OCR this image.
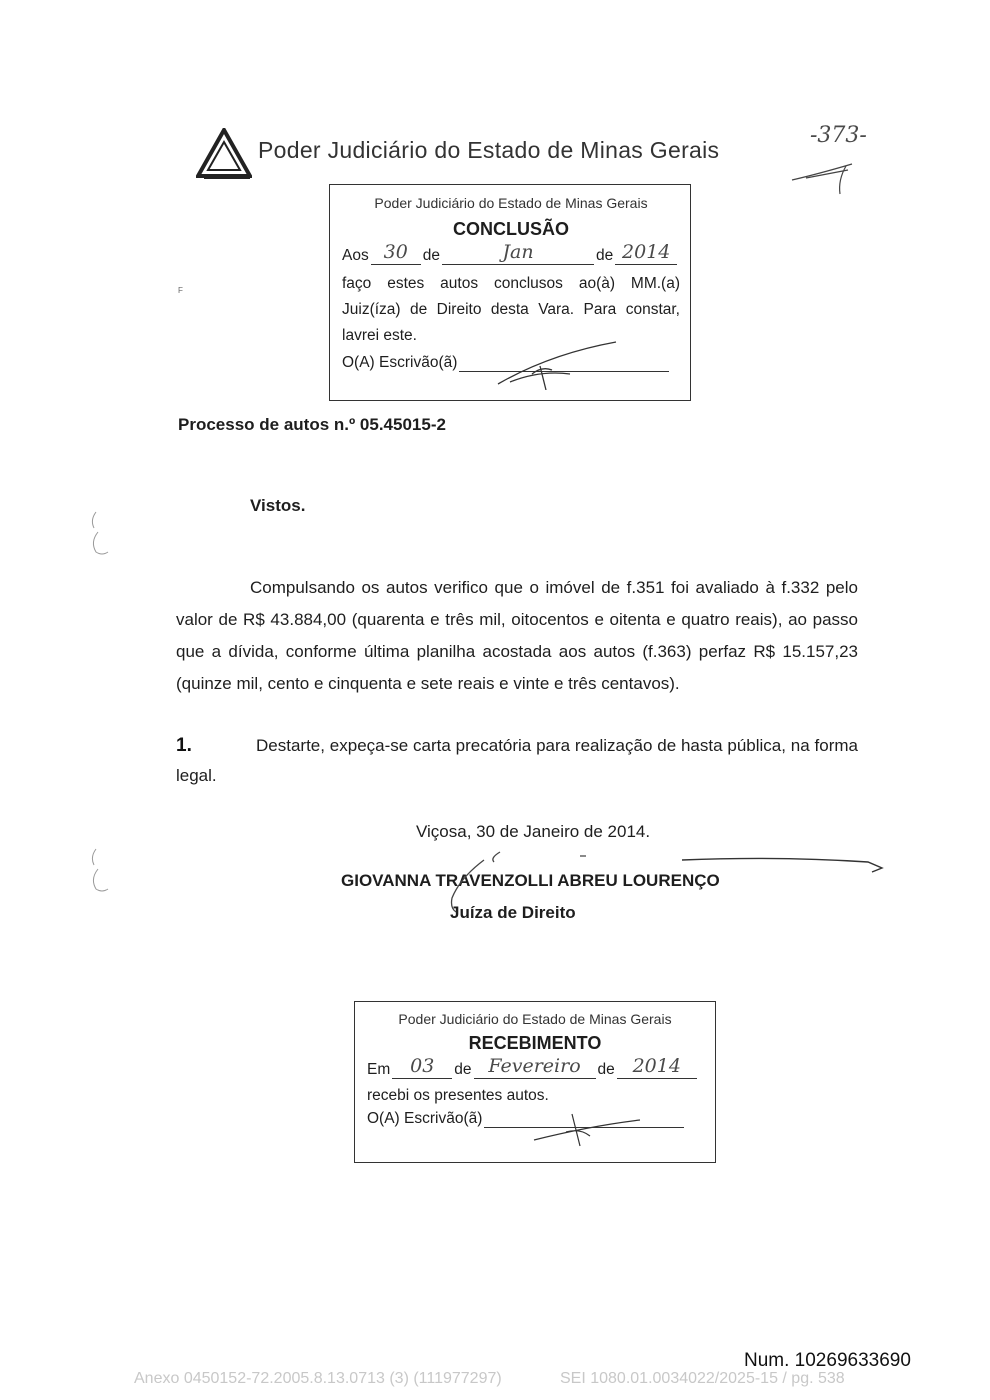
Poder Judiciário do Estado de Minas Gerais
-373-
F
Poder Judiciário do Estado de Minas Gerais
CONCLUSÃO
Aos 30 de	Jan	de 2014
faço estes autos conclusos ao(à) MM.(a)
Juiz(íza) de Direito desta Vara. Para constar,
lavrei este.
O(A) Escrivão(ã)
Processo de autos n.º 05.45015-2
Vistos.
Compulsando os autos verifico que o imóvel de f.351 foi avaliado à f.332 pelo valor de R$ 43.884,00 (quarenta e três mil, oitocentos e oitenta e quatro reais), ao passo que a dívida, conforme última planilha acostada aos autos (f.363) perfaz R$ 15.157,23 (quinze mil, cento e cinquenta e sete reais e vinte e três centavos).
1.	Destarte, expeça-se carta precatória para realização de hasta pública, na forma legal.
Viçosa, 30 de Janeiro de 2014.
GIOVANNA TRAVENZOLLI ABREU LOURENÇO
Juíza de Direito
Poder Judiciário do Estado de Minas Gerais
RECEBIMENTO
Em	03	de Fevereiro	de 2014
recebi os presentes autos.
O(A) Escrivão(ã)
Num. 10269633690
Anexo 0450152-72.2005.8.13.0713 (3) (111977297)	SEI 1080.01.0034022/2025-15 / pg. 538
